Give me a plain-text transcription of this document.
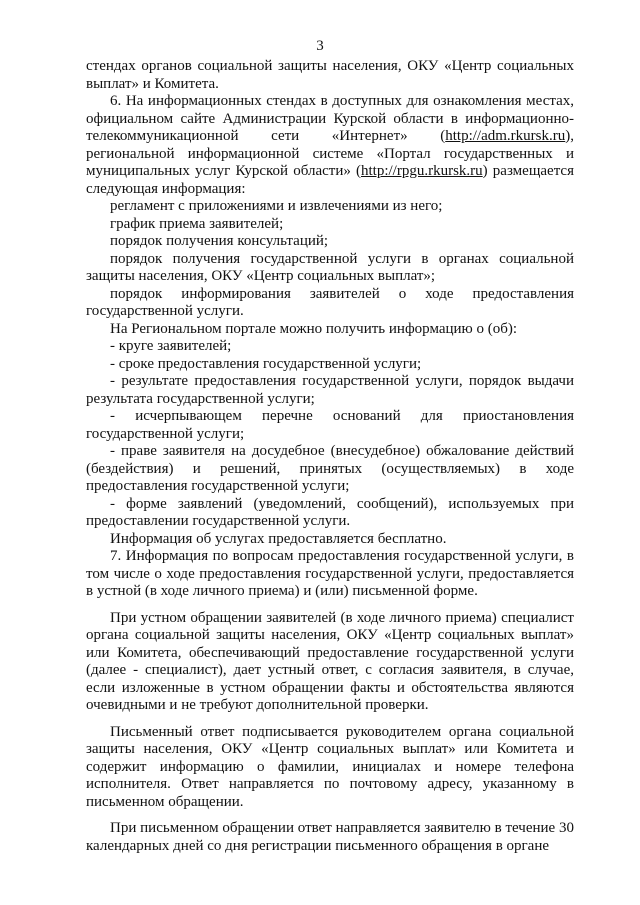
3

стендах органов социальной защиты населения, ОКУ «Центр социальных выплат» и Комитета.

6. На информационных стендах в доступных для ознакомления местах, официальном сайте Администрации Курской области в информационно-телекоммуникационной сети «Интернет» (http://adm.rkursk.ru), региональной информационной системе «Портал государственных и муниципальных услуг Курской области» (http://rpgu.rkursk.ru) размещается следующая информация:

регламент с приложениями и извлечениями из него;

график приема заявителей;

порядок получения консультаций;

порядок получения государственной услуги в органах социальной защиты населения, ОКУ «Центр социальных выплат»;

порядок информирования заявителей о ходе предоставления государственной услуги.

На Региональном портале можно получить информацию о (об):

- круге заявителей;

- сроке предоставления государственной услуги;

- результате предоставления государственной услуги, порядок выдачи результата государственной услуги;

- исчерпывающем перечне оснований для приостановления государственной услуги;

- праве заявителя на досудебное (внесудебное) обжалование действий (бездействия) и решений, принятых (осуществляемых) в ходе предоставления государственной услуги;

- форме заявлений (уведомлений, сообщений), используемых при предоставлении государственной услуги.

Информация об услугах предоставляется бесплатно.

7. Информация по вопросам предоставления государственной услуги, в том числе о ходе предоставления государственной услуги, предоставляется в устной (в ходе личного приема) и (или) письменной форме.

При устном обращении заявителей (в ходе личного приема) специалист органа социальной защиты населения, ОКУ «Центр социальных выплат» или Комитета, обеспечивающий предоставление государственной услуги (далее - специалист), дает устный ответ, с согласия заявителя, в случае, если изложенные в устном обращении факты и обстоятельства являются очевидными и не требуют дополнительной проверки.

Письменный ответ подписывается руководителем органа социальной защиты населения, ОКУ «Центр социальных выплат» или Комитета и содержит информацию о фамилии, инициалах и номере телефона исполнителя. Ответ направляется по почтовому адресу, указанному в письменном обращении.

При письменном обращении ответ направляется заявителю в течение 30 календарных дней со дня регистрации письменного обращения в органе
